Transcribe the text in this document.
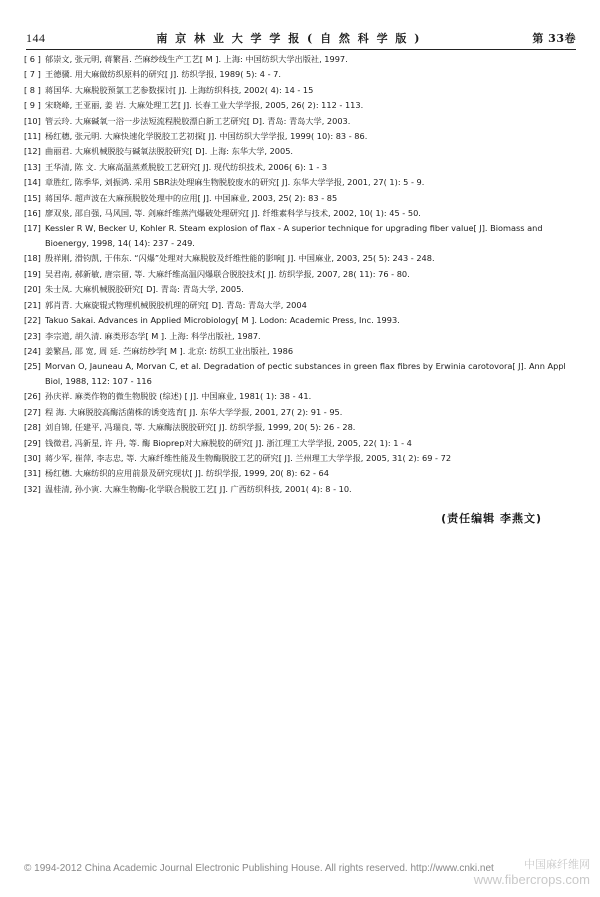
144	南 京 林 业 大 学 学 报 ( 自 然 科 学 版 )	第 33卷
[ 6 ] 郁崇文, 张元明, 蒋繁昌. 苎麻纱线生产工艺[ M ]. 上海: 中国纺织大学出版社, 1997.
[ 7 ] 王德骥. 用大麻做纺织原料的研究[ J]. 纺织学报, 1989( 5): 4 - 7.
[ 8 ] 蒋国华. 大麻脱胶预氯工艺参数探讨[ J]. 上海纺织科技, 2002( 4): 14 - 15
[ 9 ] 宋晓峰, 王亚丽, 姜 岩. 大麻处理工艺[ J]. 长春工业大学学报, 2005, 26( 2): 112 - 113.
[10] 管云玲. 大麻碱氧一浴一步法短流程脱胶漂白新工艺研究[ D]. 青岛: 青岛大学, 2003.
[11] 杨红穗, 张元明. 大麻快速化学脱胶工艺初探[ J]. 中国纺织大学学报, 1999( 10): 83 - 86.
[12] 曲丽君. 大麻机械脱胶与碱氧法脱胶研究[ D]. 上海: 东华大学, 2005.
[13] 王华清, 陈 文. 大麻高温蒸煮脱胶工艺研究[ J]. 现代纺织技术, 2006( 6): 1 - 3
[14] 章胜红, 陈季华, 刘振鸿. 采用 SBR法处理麻生物脱胶废水的研究[ J]. 东华大学学报, 2001, 27( 1): 5 - 9.
[15] 蒋国华. 超声波在大麻预脱胶处理中的应用[ J]. 中国麻业, 2003, 25( 2): 83 - 85
[16] 廖双泉, 邵自强, 马风国, 等. 剑麻纤维蒸汽爆破处理研究[ J]. 纤维素科学与技术, 2002, 10( 1): 45 - 50.
[17] Kessler R W, Becker U, Kohler R. Steam explosion of flax - A superior technique for upgrading fiber value[ J]. Biomass and Bioenergy, 1998, 14( 14): 237 - 249.
[18] 殷祥刚, 滑钧凯, 于伟东. “闪爆”处理对大麻脱胶及纤维性能的影响[ J]. 中国麻业, 2003, 25( 5): 243 - 248.
[19] 吴君南, 郝新敏, 唐宗留, 等. 大麻纤维高温闪爆联合脱胶技术[ J]. 纺织学报, 2007, 28( 11): 76 - 80.
[20] 朱士凤. 大麻机械脱胶研究[ D]. 青岛: 青岛大学, 2005.
[21] 郭肖青. 大麻旋辊式物理机械脱胶机理的研究[ D]. 青岛: 青岛大学, 2004
[22] Takuo Sakai. Advances in Applied Microbiology[ M ]. Lodon: Academic Press, Inc. 1993.
[23] 李宗道, 胡久清. 麻类形态学[ M ]. 上海: 科学出版社, 1987.
[24] 姜繁昌, 邵 宽, 周 廷. 苎麻纺纱学[ M ]. 北京: 纺织工业出版社, 1986
[25] Morvan O, Jauneau A, Morvan C, et al. Degradation of pectic substances in green flax fibres by Erwinia carotovora[ J]. Ann Appl Biol, 1988, 112: 107 - 116
[26] 孙庆祥. 麻类作物的微生物脱胶 (综述) [ J]. 中国麻业, 1981( 1): 38 - 41.
[27] 程 海. 大麻脱胶高酶活菌株的诱变选育[ J]. 东华大学学报, 2001, 27( 2): 91 - 95.
[28] 刘自锦, 任建平, 冯瑞良, 等. 大麻酶法脱胶研究[ J]. 纺织学报, 1999, 20( 5): 26 - 28.
[29] 钱微君, 冯新星, 许 丹, 等. 酶 Bioprep对大麻脱胶的研究[ J]. 浙江理工大学学报, 2005, 22( 1): 1 - 4
[30] 蒋少军, 崔萍, 李志忠, 等. 大麻纤维性能及生物酶脱胶工艺的研究[ J]. 兰州理工大学学报, 2005, 31( 2): 69 - 72
[31] 杨红穗. 大麻纺织的应用前景及研究现状[ J]. 纺织学报, 1999, 20( 8): 62 - 64
[32] 温桂清, 孙小寅. 大麻生物酶-化学联合脱胶工艺[ J]. 广西纺织科技, 2001( 4): 8 - 10.
(责任编辑 李燕文)
© 1994-2012 China Academic Journal Electronic Publishing House. All rights reserved. http://www.cnki.net	中国麻纤维网
www.fibercrops.com
